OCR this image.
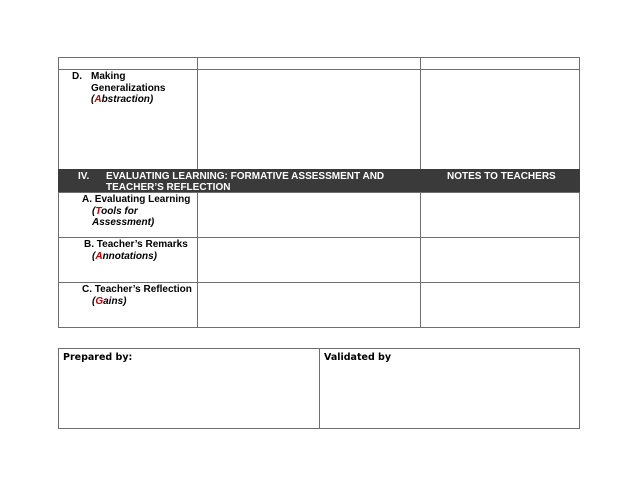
D. Making
Generalizations
(Abstraction)
IV. EVALUATING LEARNING: FORMATIVE ASSESSMENT AND
TEACHER’S REFLECTION
NOTES TO TEACHERS
A. Evaluating Learning
(Tools for
Assessment)
B. Teacher’s Remarks
(Annotations)
C. Teacher’s Reflection
(Gains)
Prepared by:	Validated by
